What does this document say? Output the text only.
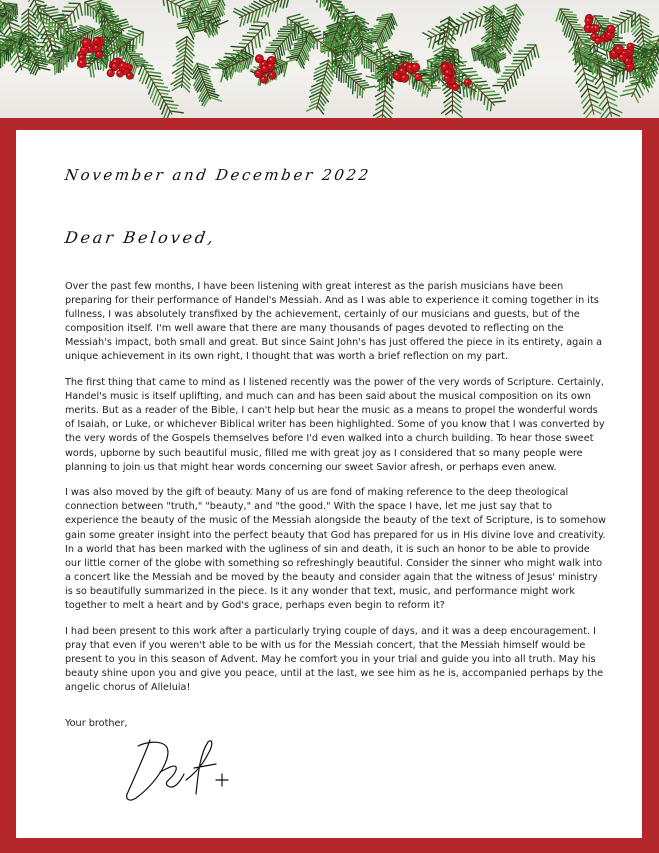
November and December 2022
Dear Beloved,

Over the past few months, I have been listening with great interest as the parish musicians have been preparing for their performance of Handel's Messiah. And as I was able to experience it coming together in its fullness, I was absolutely transfixed by the achievement, certainly of our musicians and guests, but of the composition itself. I'm well aware that there are many thousands of pages devoted to reflecting on the Messiah's impact, both small and great. But since Saint John's has just offered the piece in its entirety, again a unique achievement in its own right, I thought that was worth a brief reflection on my part.

The first thing that came to mind as I listened recently was the power of the very words of Scripture. Certainly, Handel's music is itself uplifting, and much can and has been said about the musical composition on its own merits. But as a reader of the Bible, I can't help but hear the music as a means to propel the wonderful words of Isaiah, or Luke, or whichever Biblical writer has been highlighted. Some of you know that I was converted by the very words of the Gospels themselves before I'd even walked into a church building. To hear those sweet words, upborne by such beautiful music, filled me with great joy as I considered that so many people were planning to join us that might hear words concerning our sweet Savior afresh, or perhaps even anew.

I was also moved by the gift of beauty. Many of us are fond of making reference to the deep theological connection between "truth," "beauty," and "the good." With the space I have, let me just say that to experience the beauty of the music of the Messiah alongside the beauty of the text of Scripture, is to somehow gain some greater insight into the perfect beauty that God has prepared for us in His divine love and creativity. In a world that has been marked with the ugliness of sin and death, it is such an honor to be able to provide our little corner of the globe with something so refreshingly beautiful. Consider the sinner who might walk into a concert like the Messiah and be moved by the beauty and consider again that the witness of Jesus' ministry is so beautifully summarized in the piece. Is it any wonder that text, music, and performance might work together to melt a heart and by God's grace, perhaps even begin to reform it?

I had been present to this work after a particularly trying couple of days, and it was a deep encouragement. I pray that even if you weren't able to be with us for the Messiah concert, that the Messiah himself would be present to you in this season of Advent. May he comfort you in your trial and guide you into all truth. May his beauty shine upon you and give you peace, until at the last, we see him as he is, accompanied perhaps by the angelic chorus of Alleluia!

Your brother,
